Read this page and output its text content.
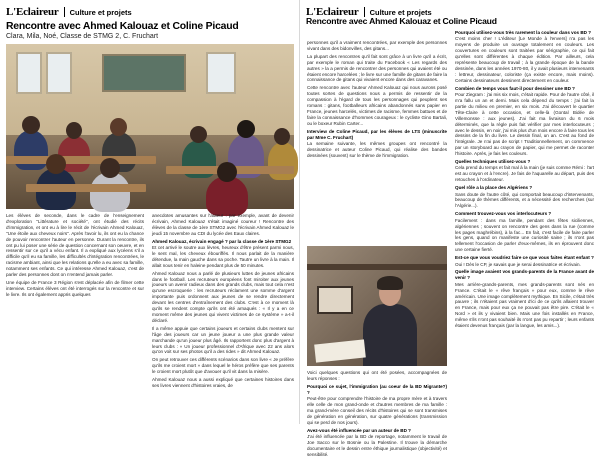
L'Eclaireur Culture et projets
Rencontre avec Ahmed Kalouaz et Coline Picaud
Clara, Mila, Noé, Classe de STMG 2, C. Fruchart

Les élèves de seconde, dans le cadre de l'enseignement d'exploration "Littérature et société", ont étudié des récits d'immigration, et ont eu à lire le récit de l'écrivain Ahmed Kalouaz, "Une étoile aux cheveux noirs". Après l'avoir lu, ils ont eu la chance de pouvoir rencontrer l'auteur en personne. Durant la rencontre, ils ont pu lui poser une série de question concernant son oeuvre, et en ressentir sur ce qu'il a vécu enfant. Il a expliqué aux lycéens s'il a difficile qu'il eu sa famille, les difficultés d'intégration rencontrées, le racisme ambiant, ainsi que les relations qu'elle a eu avec sa famille, notamment ses enfants. Ce qui intéresse Ahmed Kalouaz, c'est de parler des personnes dont on n'entend jamais parler.

Une équipe de France 3 Région s'est déplacée afin de filmer cette interview. Certains élèves ont été interrogés sur la rencontre et sur le livre. Ils ont également appris quelques

anecdotes amusantes sur l'auteur : par exemple, avant de devenir écrivain, Ahmed Kalouaz s'était imaginé coureur ! Rencontre des élèves de la classe de 1ère STMG2 avec l'écrivain Ahmed Kalouaz le jeudi 15 novembre au CDI du lycée des Eaux claires.

Ahmed Kalouaz, écrivain engagé ? par la classe de 1ère STMG2

Et cet arrivé le soutre aux lèvres, heureux d'être présent parmi nous, le sent mal, les cheveux ébouriffés. Il nous parlait de la manière détendue, la main gauche dans sa poche. Tautre un livre à la main. Il allait nous tenir en haleine pendant plus de 50 minutes.

Ahmed Kalouaz nous a parlé de plusieurs luttes de jeunes africains dans le football. Les recruteurs européens font miroiter aux jeunes joueurs un avenir radieux dans des grands clubs, mais tout cela n'est qu'une escroquerie : les recruteurs réclament une somme d'argent importante puis ordonnent aux jeunes de se rendre directement devant les centres d'entraînement des clubs. C'est à ce moment là qu'ils se rendent compte qu'ils ont été arnaqués : « Il y a en ce moment même des jeunes qui vivent victimes de ce système » a-t-il déclaré.

Il a même appuie que certains joueurs et certains clubs mentent sur l'âge des joueurs car un jeune joueur a une plus grande valeur marchande qu'un joueur plus âgé. Ils rapportent donc plus d'argent à leurs clubs : « Un joueur professionnel d'Afrique avec 22 ans alors qu'on voit sur ses photos qu'il a des rides » dit Ahmed Kalouaz.

On peut retrouver ces différents scénarios dans son livre « Je préfère qu'ils me croient mort » dans lequel le héros préfère que ses parents le croient mort plutôt que d'avouer qu'il vit dans la misère.

Ahmed Kalouaz nous a aussi expliqué que certaines histoires dans ses livres viennent d'histoires vraies, de

L'Eclaireur Culture et projets
Rencontre avec Ahmed Kalouaz et Coline Picaud

personnes qu'il a vraiment rencontrées, par exemple des personnes vivant dans des bidonvilles, des gitans...

La plupart des rencontres qu'il fait sont grâce à un livre qu'il a écrit, par exemple le roman qui traite du Facebook « Les regards des autres » la a permis de rencontrer des personnes qui avaient été ou étaient encore harcelées ; le livre sur une famille de gitans de faire la connaissance de gitans qui vivaient encore dans des caravanes.

Cette rencontre avec l'auteur Ahmed Kalouaz qui nous aurons posé toutes sortes de questions nous a permis de ressentir de la compassion à l'égard de tous les personnages qui peuplent ses romans : gitans, footballeurs africains abandonnés sans papier en France, jeunes harcelés, victimes de racisme, femmes battues et de faire la connaissance d'hommes courageux : le cycliste Gino Bartali, ou le boxeur Rubin Carter...

Interview de Coline Picaud, par les élèves de LTS (minuscrite par Mme C. Fruchart)

La semaine suivante, les mêmes groupes ont rencontré la dessinatrice et auteur Coline Picaud, qui réalise des bandes dessinées (souvent) sur le thème de l'immigration.

Voici quelques questions qui ont été posées, accompagnées de leurs réponses :

Pourquoi ce sujet, l'immigration (au coeur de la BD Migrante?) ?

Peut-être pour comprendre l'histoire de ma propre mère et à travers elle celle de mon grand-onde et d'autres membres de ma famille : ma grand-mère conseil des récits d'histoires qui se sont transmises de génération en génération, sur quatre générations (transmission qui se perd de nos jours).

Avez-vous été influencée par un auteur de BD ?

J'ai été influencée par la BD de reportage, notamment le travail de Joe Sacco sur le Bosnie ou la Palestine. Il trouve la démarche documentaire et le dessin entre éthique journalistique (objectivité) et sensibilité.

Pourquoi utilisez-vous très rarement la couleur dans vos BD ?

C'est moins cher ! L'éditeur [Le Monde à l'envers] n'a pas les moyens de produire un ouvrage totalement en couleurs. Les couvertures en couleurs sont traitées par sérigraphie, ce qui fait qu'elles sont différentes à chaque édition. Par ailleurs, cela représente beaucoup de travail ; à la grande époque de la bande dessinée, dans les années 1970-80, il y avait plusieurs intervenants : lettreur, dessinateur, coloriste (ça existe encore, mais moins). Certains dessinateurs dessinent directement en couleur.

Combien de temps vous faut-il pour dessiner une BD ?

Pour Ziegram : j'ai mis six mois, c'était rapide. Pour de l'autre côté, il m'a fallu un an et demi. Mais cela dépend du temps : j'ai fait la partie du milieu en premier, en six mois. J'ai découvert le quartier Tête-Claire à cette occasion, et celle-là (Gontal Bidée de Villemonsse : aux jeunes). J'ai fait ma livraison du 6 mois déterminés, que la règle puis fait vérifier par mes interlocuteurs ; avec le dessin, en noir, j'ai mis plus d'un mois encore à faire tous les dessins de la fin du livre. Le dessin final, un an. C'est au fond de l'intégrale. Je n'ai pas de script ! Traditionnellement, on commence par un storyboard au crayon de papier, qui me permet de raconter l'histoire. Après, je fais les couleurs.

Quelles techniques utilisez-vous ?

Cela prend du temps et fait mal à la main (je suis comme Rémi : l'art est au crayon et à l'encre). Je fais de l'aquarelle au départ, puis des retouches à l'ordinateur.

Quel rôle a la place des Algériens ?

Sans doute de l'autre côté, qui comportait beaucoup d'intervenants, beaucoup de thèmes différents, et a nécessité des recherches (sur l'Algérie...).

Comment trouvez-vous vos interlocuteurs ?

Facilement : dans ma famille, pendant des fêtes siciliennes, algériennes ; souvent on rencontre des gens dans la rue (comme les pages maghrébins), à la fac... En fait, c'est facile de faire parler les gens, quand on manifeste une curiosité saine ; ils n'ont pas tellement l'occasion de parler d'eux-mêmes, ils en éprouvent donc une certaine fierté.

Est-ce que vous voudriez faire ce que vous faites étant enfant ?

Oui ! Dès le CP, je savais que je serai dessinatrice et écrivain.

Quelle image avaient vos grands-parents de la France avant de venir ?

Mes arrière-grands-parents, mes grands-parents sont nés en France. C'était le « rêve français » pour eux, comme le rêve américain. Une image complètement mythique. En Sicile, c'était très pauvre ; ils n'étaient pas vraiment d'ici de ce qu'ils allaient trouver en France, mais pour eux ça ne pouvait pas être pire. C'était le « Nord » et ils y vivaient bien. Mais une fois installés en France, même s'ils n'ont pas souhaité ils n'ont pas pu repartir ; leurs enfants étaient devenus français (par la langue, les amis...).
